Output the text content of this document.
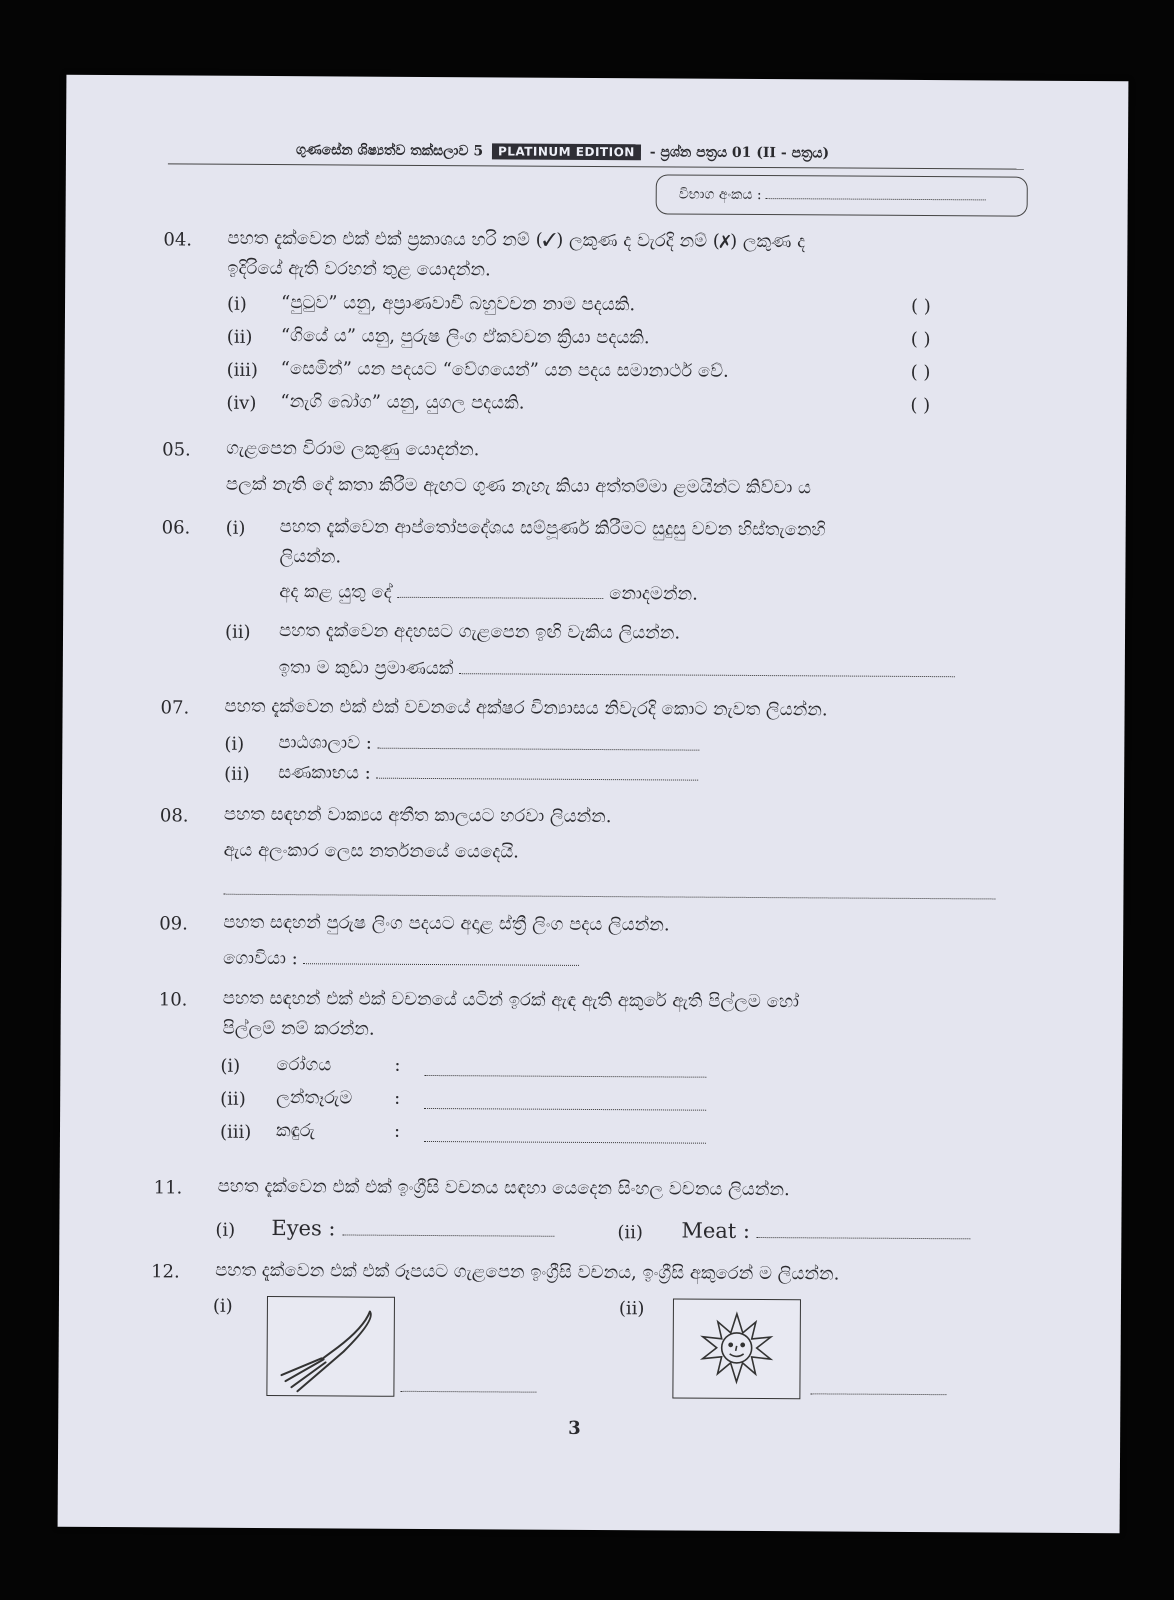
ගුණසේන ශිෂ්‍යත්ව තක්සලාව 5 PLATINUM EDITION - ප්‍රශ්න පත්‍රය 01 (II - පත්‍රය)
විභාග අංකය :
04. පහත දැක්වෙන එක් එක් ප්‍රකාශය හරි නම් (✓) ලකුණ ද වැරදි නම් (✗) ලකුණ ද
ඉදිරියේ ඇති වරහන් තුළ යොදන්න.
(i) “පුටුව” යනු, අප්‍රාණවාචී බහුවචන නාම පදයකි.	( )
(ii) “ගියේ ය” යනු, පුරුෂ ලිංග ඒකවචන ක්‍රියා පදයකි.	( )
(iii) “සෙමින්” යන පදයට “වේගයෙන්” යන පදය සමානාර්ථ වේ.	( )
(iv) “නැගි බෝග” යනු, යුගල පදයකි.	( )
05. ගැළපෙන විරාම ලකුණු යොදන්න.
පලක් නැති දේ කතා කිරීම ඇඟට ගුණ නැහැ කියා අත්තම්මා ළමයින්ට කිව්වා ය
06. (i) පහත දැක්වෙන ආප්තෝපදේශය සම්පූර්ණ කිරීමට සුදුසු වචන හිස්තැනෙහි
ලියන්න.
අද කළ යුතු දේ	නොදමන්න.
(ii) පහත දැක්වෙන අදහසට ගැළපෙන ඉඟි වැකිය ලියන්න.
ඉතා ම කුඩා ප්‍රමාණයක්
07. පහත දැක්වෙන එක් එක් වචනයේ අක්ෂර වින්‍යාසය නිවැරදි කොට නැවත ලියන්න.
(i) පාඨශාලාව :
(ii) සණකාභය :
08. පහත සඳහන් වාක්‍යය අතීත කාලයට හරවා ලියන්න.
ඇය අලංකාර ලෙස නර්තනයේ යෙදෙයි.
09. පහත සඳහන් පුරුෂ ලිංග පදයට අදාළ ස්ත්‍රී ලිංග පදය ලියන්න.
ගොවියා :
10. පහත සඳහන් එක් එක් වචනයේ යටින් ඉරක් ඇඳ ඇති අකුරේ ඇති පිල්ලම හෝ
පිල්ලම් නම් කරන්න.
(i) රෝගය	:
(ii) ලන්තෑරුම :
(iii) කඳුරු	:
11. පහත දැක්වෙන එක් එක් ඉංග්‍රීසි වචනය සඳහා යෙදෙන සිංහල වචනය ලියන්න.
(i) Eyes :	(ii) Meat :
12. පහත දැක්වෙන එක් එක් රූපයට ගැළපෙන ඉංග්‍රීසි වචනය, ඉංග්‍රීසි අකුරෙන් ම ලියන්න.
(i)	(ii)
3
